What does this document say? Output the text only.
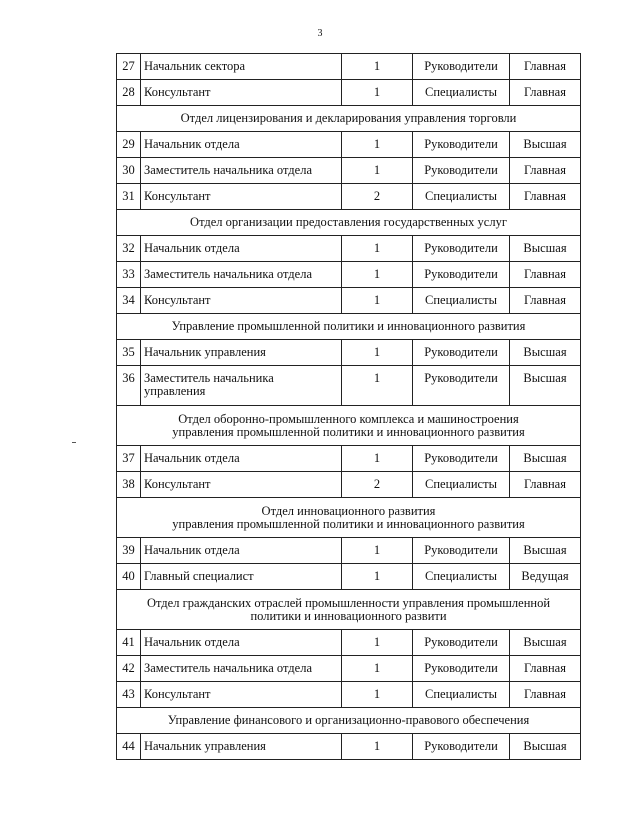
3
27	Начальник сектора	1	Руководители	Главная
28	Консультант	1	Специалисты	Главная

Отдел лицензирования и декларирования управления торговли				

29	Начальник отдела	1	Руководители	Высшая
30	Заместитель начальника отдела	1	Руководители	Главная
31	Консультант	2	Специалисты	Главная

Отдел организации предоставления государственных услуг				

32	Начальник отдела	1	Руководители	Высшая
33	Заместитель начальника отдела	1	Руководители	Главная
34	Консультант	1	Специалисты	Главная

Управление промышленной политики и инновационного развития				

35	Начальник управления	1	Руководители	Высшая
36	Заместитель начальника
управления	1	Руководители	Высшая

Отдел оборонно-промышленного комплекса и машиностроения
управления промышленной политики и инновационного развития				

37	Начальник отдела	1	Руководители	Высшая
38	Консультант	2	Специалисты	Главная

Отдел инновационного развития
управления промышленной политики и инновационного развития				

39	Начальник отдела	1	Руководители	Высшая
40	Главный специалист	1	Специалисты	Ведущая

Отдел гражданских отраслей промышленности управления промышленной
политики и инновационного развити				

41	Начальник отдела	1	Руководители	Высшая
42	Заместитель начальника отдела	1	Руководители	Главная
43	Консультант	1	Специалисты	Главная

Управление финансового и организационно-правового обеспечения				

44	Начальник управления	1	Руководители	Высшая
